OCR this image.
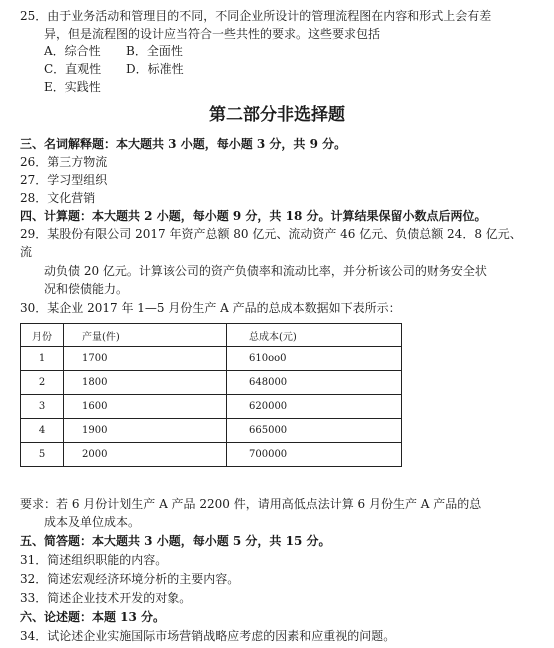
25．由于业务活动和管理目的不同，不同企业所设计的管理流程图在内容和形式上会有差
异，但是流程图的设计应当符合一些共性的要求。这些要求包括
A．综合性 B．全面性
C．直观性 D．标准性
E．实践性
第二部分非选择题
三、名词解释题：本大题共 3 小题，每小题 3 分，共 9 分。
26．第三方物流
27．学习型组织
28．文化营销
四、计算题：本大题共 2 小题，每小题 9 分，共 18 分。计算结果保留小数点后两位。
29．某股份有限公司 2017 年资产总额 80 亿元、流动资产 46 亿元、负债总额 24．8 亿元、
流
动负债 20 亿元。计算该公司的资产负债率和流动比率，并分析该公司的财务安全状
况和偿债能力。
30．某企业 2017 年 1—5 月份生产 A 产品的总成本数据如下表所示：
月份	产量(件)	总成本(元)
1	1700	610oo0
2	1800	648000
3	1600	620000
4	1900	665000
5	2000	700000
要求：若 6 月份计划生产 A 产品 2200 件，请用高低点法计算 6 月份生产 A 产品的总
成本及单位成本。
五、简答题：本大题共 3 小题，每小题 5 分，共 15 分。
31．简述组织职能的内容。
32．简述宏观经济环境分析的主要内容。
33．简述企业技术开发的对象。
六、论述题：本题 13 分。
34．试论述企业实施国际市场营销战略应考虑的因素和应重视的问题。
